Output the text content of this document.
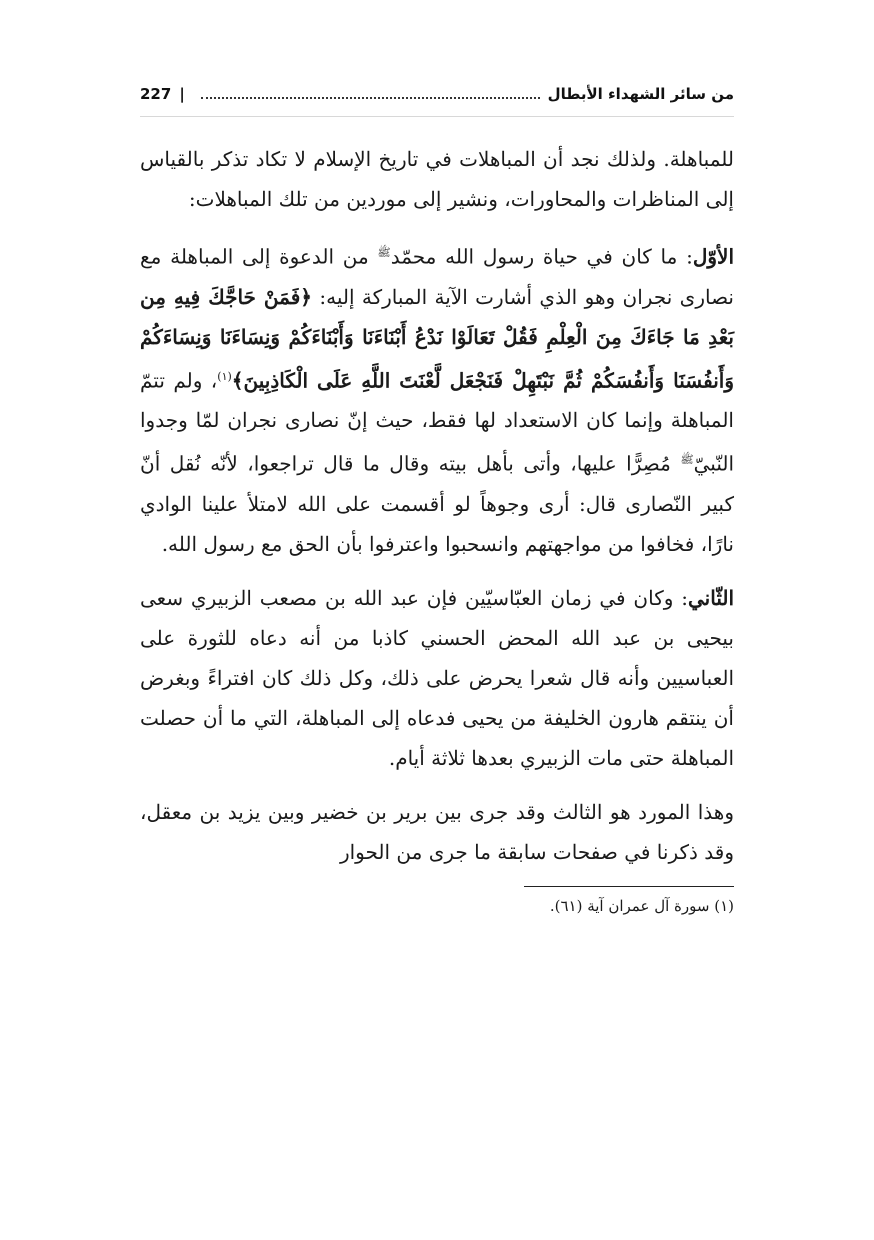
من سائر الشهداء الأبطال
|
227

للمباهلة. ولذلك نجد أن المباهلات في تاريخ الإسلام لا تكاد تذكر بالقياس إلى المناظرات والمحاورات، ونشير إلى موردين من تلك المباهلات:

الأوّل: ما كان في حياة رسول الله محمّد$^ﷺ$ من الدعوة إلى المباهلة مع نصارى نجران وهو الذي أشارت الآية المباركة إليه: ﴿فَمَنْ حَاجَّكَ فِيهِ مِن بَعْدِ مَا جَاءَكَ مِنَ الْعِلْمِ فَقُلْ تَعَالَوْا نَدْعُ أَبْنَاءَنَا وَأَبْنَاءَكُمْ وَنِسَاءَنَا وَنِسَاءَكُمْ وَأَنفُسَنَا وَأَنفُسَكُمْ ثُمَّ نَبْتَهِلْ فَنَجْعَل لَّعْنَتَ اللَّهِ عَلَى الْكَاذِبِينَ﴾$^{(١)}$، ولم تتمّ المباهلة وإنما كان الاستعداد لها فقط، حيث إنّ نصارى نجران لمّا وجدوا النّبيّ$^ﷺ$ مُصِرًّا عليها، وأتى بأهل بيته وقال ما قال تراجعوا، لأنّه نُقل أنّ كبير النّصارى قال: أرى وجوهاً لو أقسمت على الله لامتلأ علينا الوادي نارًا، فخافوا من مواجهتهم وانسحبوا واعترفوا بأن الحق مع رسول الله.

الثّاني: وكان في زمان العبّاسيّين فإن عبد الله بن مصعب الزبيري سعى بيحيى بن عبد الله المحض الحسني كاذبا من أنه دعاه للثورة على العباسيين وأنه قال شعرا يحرض على ذلك، وكل ذلك كان افتراءً وبغرض أن ينتقم هارون الخليفة من يحيى فدعاه إلى المباهلة، التي ما أن حصلت المباهلة حتى مات الزبيري بعدها ثلاثة أيام.

وهذا المورد هو الثالث وقد جرى بين برير بن خضير وبين يزيد بن معقل، وقد ذكرنا في صفحات سابقة ما جرى من الحوار

(١) سورة آل عمران آية (٦١).
